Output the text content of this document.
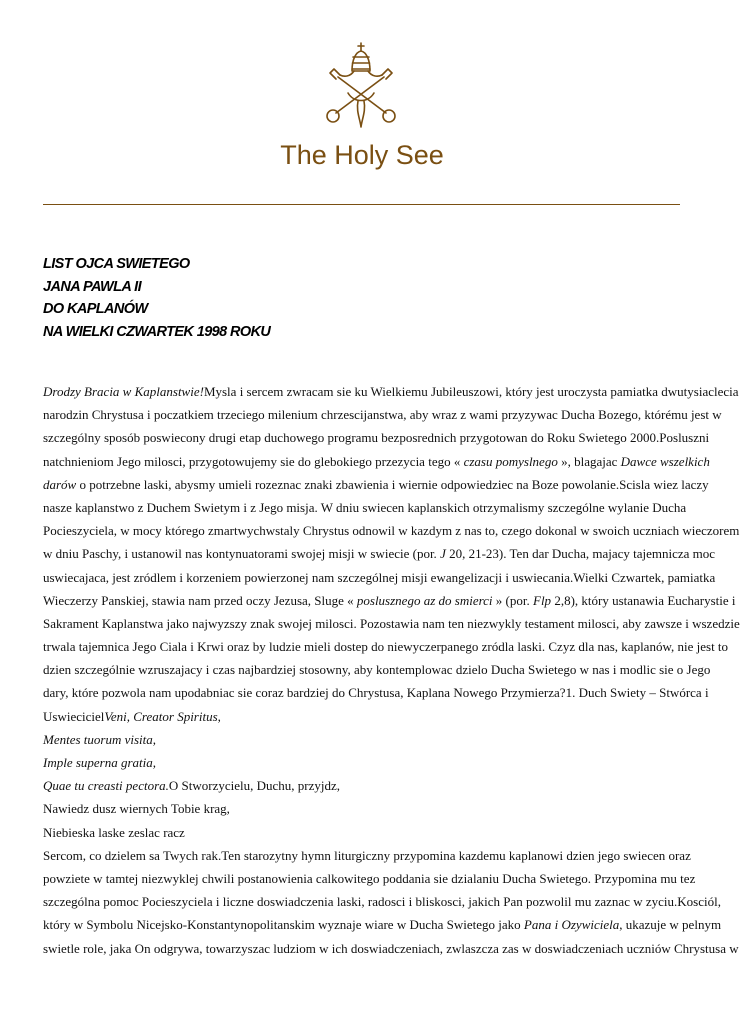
The Holy See
LIST OJCA SWIETEGO
JANA PAWLA II
DO KAPLANÓW
NA WIELKI CZWARTEK 1998 ROKU
Drodzy Bracia w Kaplanstwie!Mysla i sercem zwracam sie ku Wielkiemu Jubileuszowi, który jest uroczysta pamiatka dwutysiaclecia
narodzin Chrystusa i poczatkiem trzeciego milenium chrzescijanstwa, aby wraz z wami przyzywac Ducha Bozego, którému jest w
szczególny sposób poswiecony drugi etap duchowego programu bezposrednich przygotowan do Roku Swietego 2000.Posluszni
natchnieniom Jego milosci, przygotowujemy sie do glebokiego przezycia tego « czasu pomyslnego », blagajac Dawce wszelkich
darów o potrzebne laski, abysmy umieli rozeznac znaki zbawienia i wiernie odpowiedziec na Boze powolanie.Scisla wiez laczy
nasze kaplanstwo z Duchem Swietym i z Jego misja. W dniu swiecen kaplanskich otrzymalismy szczególne wylanie Ducha
Pocieszyciela, w mocy którego zmartwychwstaly Chrystus odnowil w kazdym z nas to, czego dokonal w swoich uczniach wieczorem
w dniu Paschy, i ustanowil nas kontynuatorami swojej misji w swiecie (por. J 20, 21-23). Ten dar Ducha, majacy tajemnicza moc
uswiecajaca, jest zródlem i korzeniem powierzonej nam szczególnej misji ewangelizacji i uswiecania.Wielki Czwartek, pamiatka
Wieczerzy Panskiej, stawia nam przed oczy Jezusa, Sluge « poslusznego az do smierci » (por. Flp 2,8), który ustanawia Eucharystie i
Sakrament Kaplanstwa jako najwyzszy znak swojej milosci. Pozostawia nam ten niezwykly testament milosci, aby zawsze i wszedzie
trwala tajemnica Jego Ciala i Krwi oraz by ludzie mieli dostep do niewyczerpanego zródla laski. Czyz dla nas, kaplanów, nie jest to
dzien szczególnie wzruszajacy i czas najbardziej stosowny, aby kontemplowac dzielo Ducha Swietego w nas i modlic sie o Jego
dary, które pozwola nam upodabniac sie coraz bardziej do Chrystusa, Kaplana Nowego Przymierza?1. Duch Swiety – Stwórca i
UswiecicielVeni, Creator Spiritus,
Mentes tuorum visita,
Imple superna gratia,
Quae tu creasti pectora.O Stworzycielu, Duchu, przyjdz,
Nawiedz dusz wiernych Tobie krag,
Niebieska laske zeslac racz
Sercom, co dzielem sa Twych rak.Ten starozytny hymn liturgiczny przypomina kazdemu kaplanowi dzien jego swiecen oraz
powziete w tamtej niezwyklej chwili postanowienia calkowitego poddania sie dzialaniu Ducha Swietego. Przypomina mu tez
szczególna pomoc Pocieszyciela i liczne doswiadczenia laski, radosci i bliskosci, jakich Pan pozwolil mu zaznac w zyciu.Kosciól,
który w Symbolu Nicejsko-Konstantynopolitanskim wyznaje wiare w Ducha Swietego jako Pana i Ozywiciela, ukazuje w pelnym
swietle role, jaka On odgrywa, towarzyszac ludziom w ich doswiadczeniach, zwlaszcza zas w doswiadczeniach uczniów Chrystusa w
